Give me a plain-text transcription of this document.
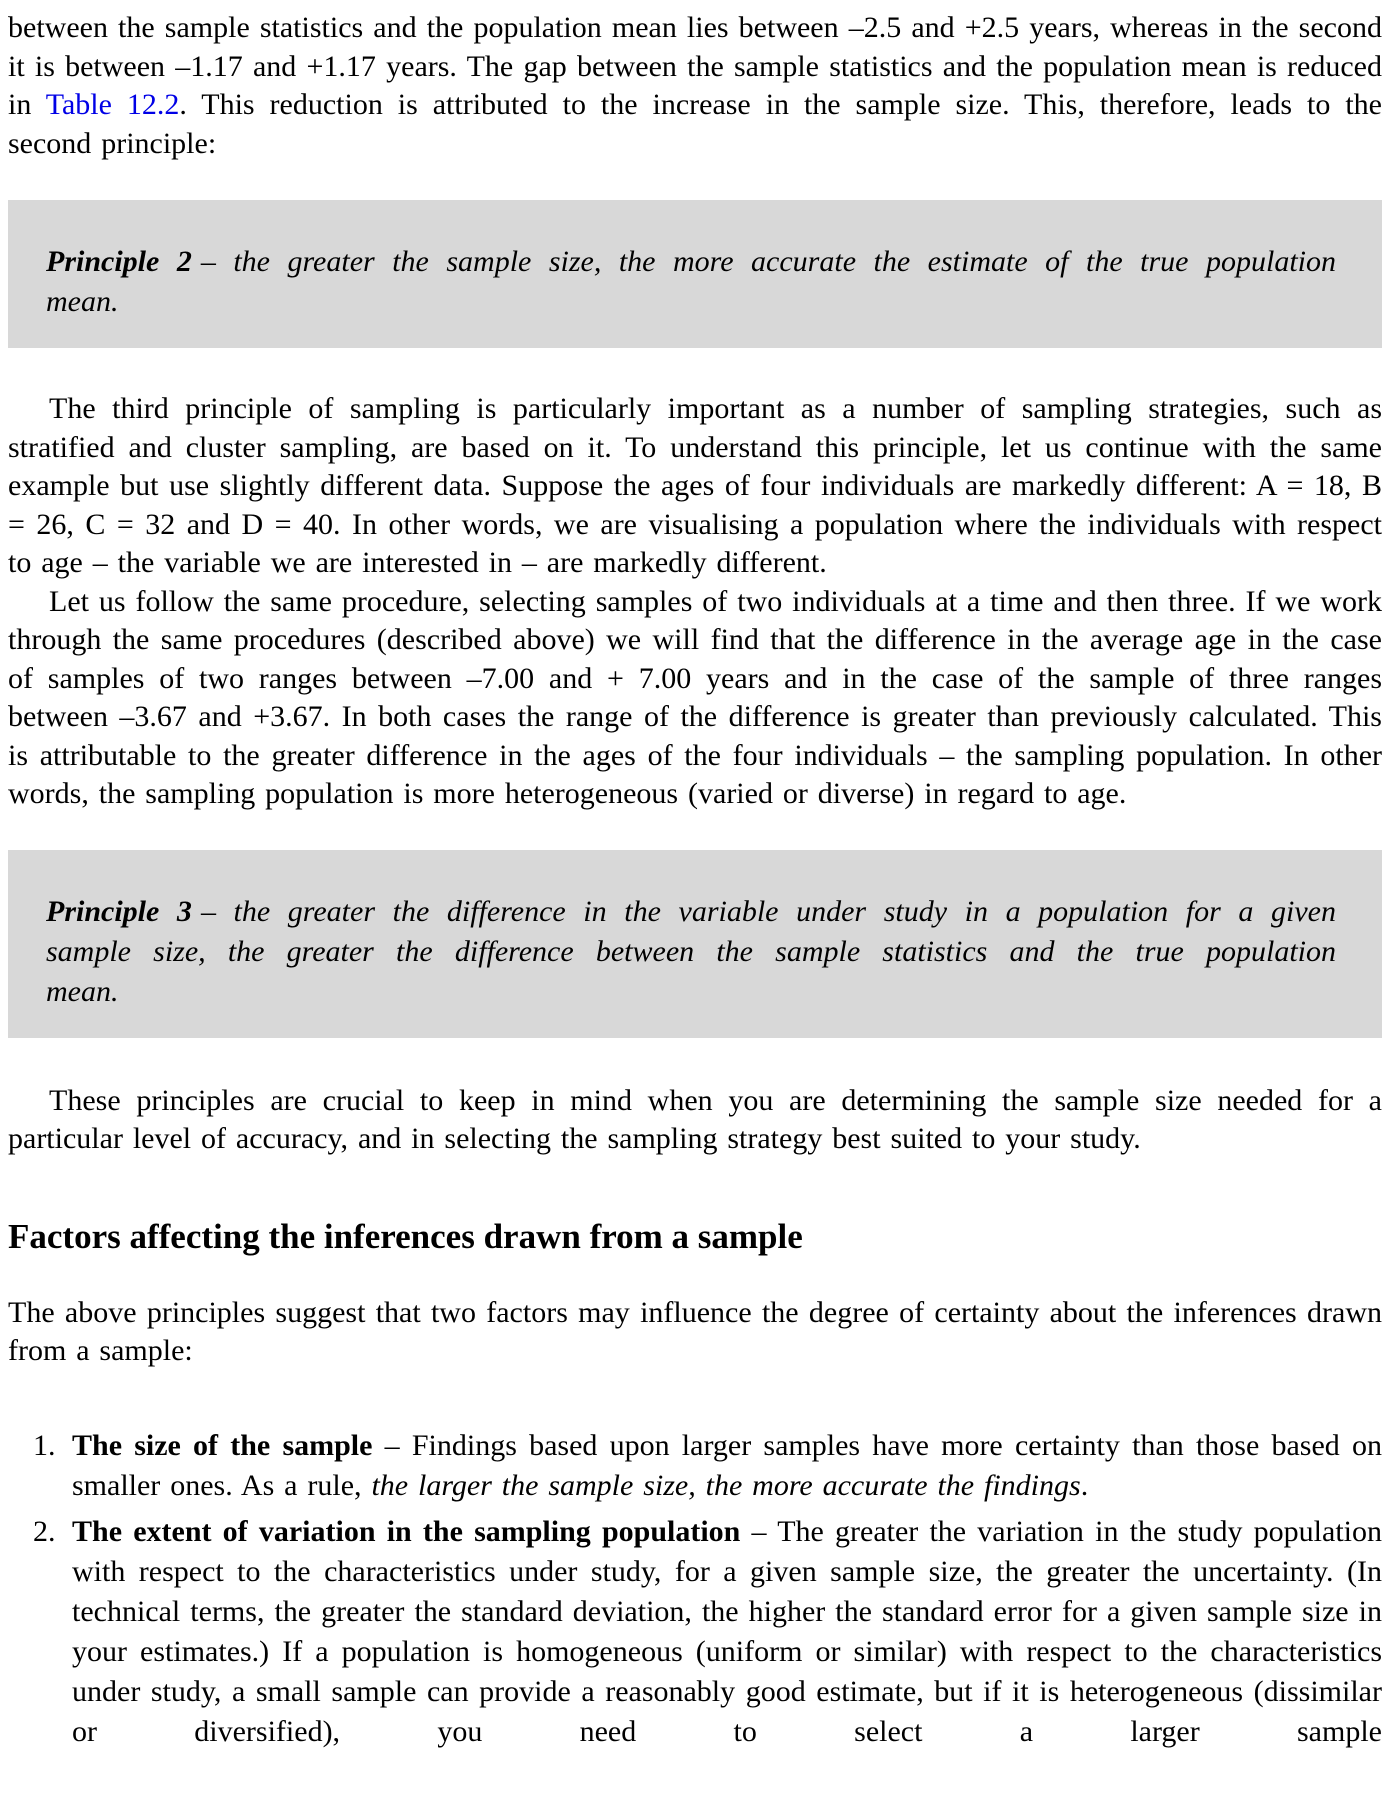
between the sample statistics and the population mean lies between –2.5 and +2.5 years, whereas in the second it is between –1.17 and +1.17 years. The gap between the sample statistics and the population mean is reduced in Table 12.2. This reduction is attributed to the increase in the sample size. This, therefore, leads to the second principle:

Principle 2 – the greater the sample size, the more accurate the estimate of the true population mean.

The third principle of sampling is particularly important as a number of sampling strategies, such as stratified and cluster sampling, are based on it. To understand this principle, let us continue with the same example but use slightly different data. Suppose the ages of four individuals are markedly different: A = 18, B = 26, C = 32 and D = 40. In other words, we are visualising a population where the individuals with respect to age – the variable we are interested in – are markedly different.

Let us follow the same procedure, selecting samples of two individuals at a time and then three. If we work through the same procedures (described above) we will find that the difference in the average age in the case of samples of two ranges between –7.00 and + 7.00 years and in the case of the sample of three ranges between –3.67 and +3.67. In both cases the range of the difference is greater than previously calculated. This is attributable to the greater difference in the ages of the four individuals – the sampling population. In other words, the sampling population is more heterogeneous (varied or diverse) in regard to age.

Principle 3 – the greater the difference in the variable under study in a population for a given sample size, the greater the difference between the sample statistics and the true population mean.

These principles are crucial to keep in mind when you are determining the sample size needed for a particular level of accuracy, and in selecting the sampling strategy best suited to your study.

Factors affecting the inferences drawn from a sample

The above principles suggest that two factors may influence the degree of certainty about the inferences drawn from a sample:

1. The size of the sample – Findings based upon larger samples have more certainty than those based on smaller ones. As a rule, the larger the sample size, the more accurate the findings.
2. The extent of variation in the sampling population – The greater the variation in the study population with respect to the characteristics under study, for a given sample size, the greater the uncertainty. (In technical terms, the greater the standard deviation, the higher the standard error for a given sample size in your estimates.) If a population is homogeneous (uniform or similar) with respect to the characteristics under study, a small sample can provide a reasonably good estimate, but if it is heterogeneous (dissimilar or diversified), you need to select a larger sample
